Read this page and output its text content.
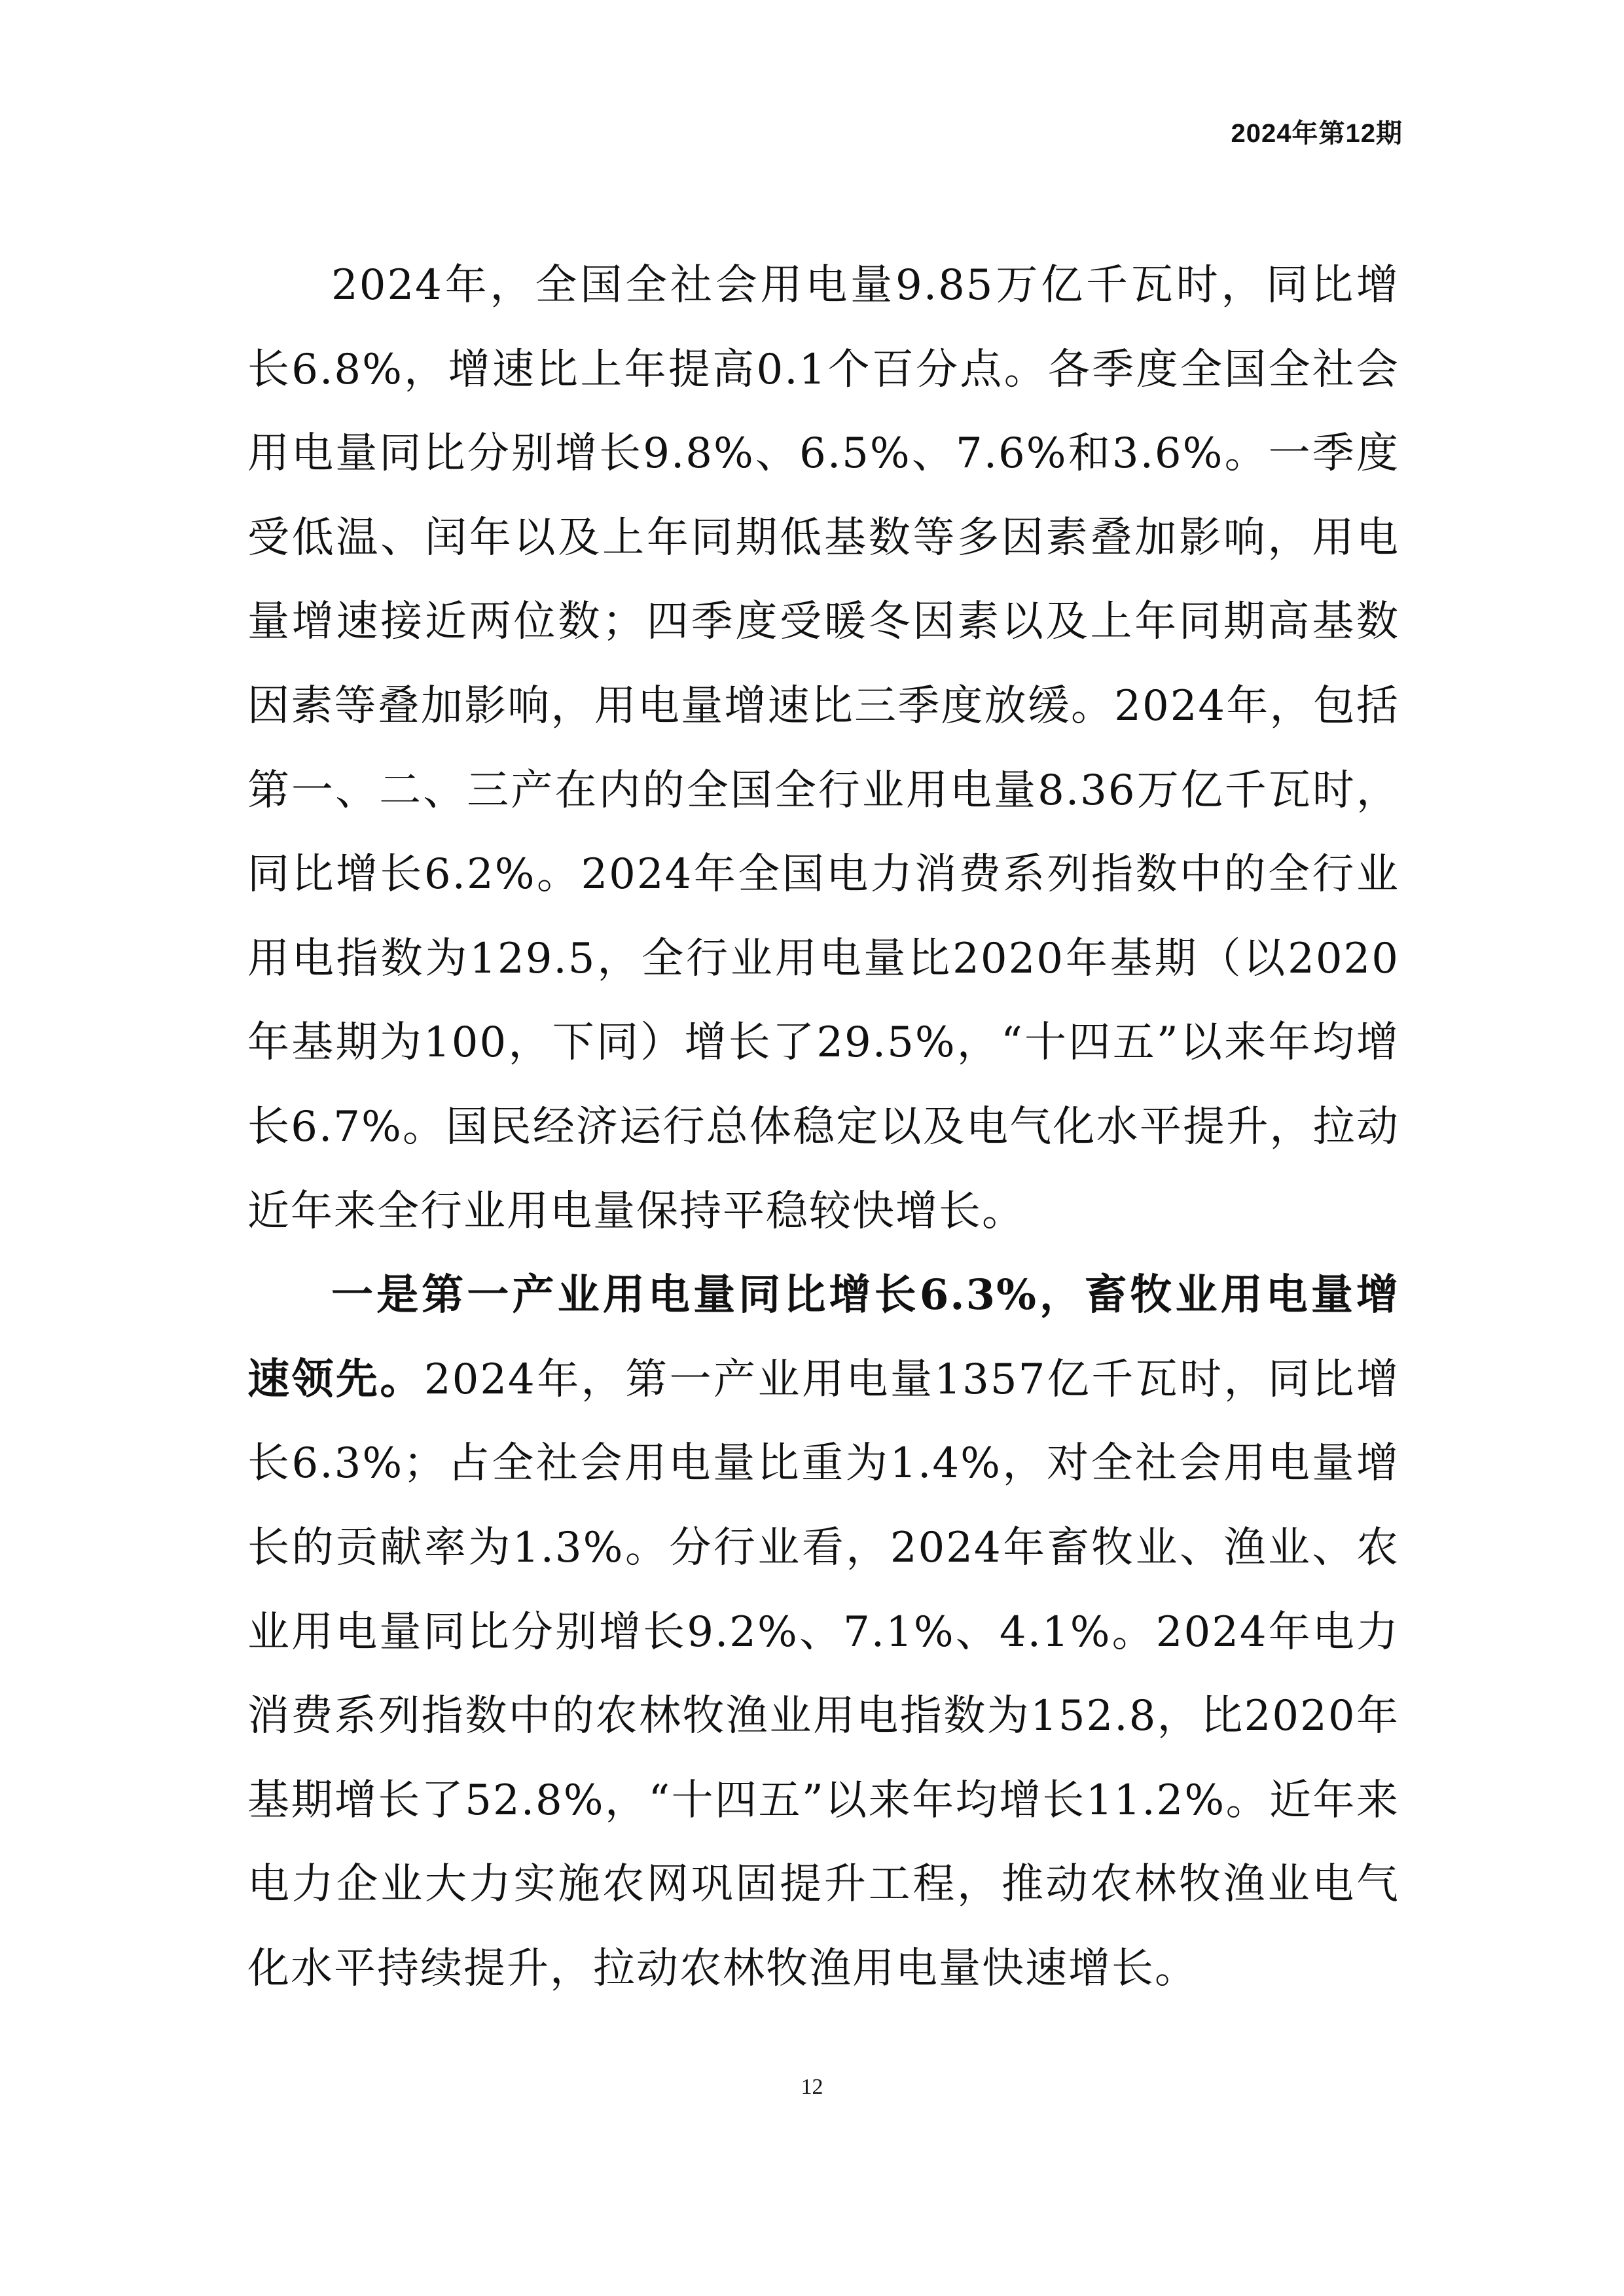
2024年第12期

2024年，全国全社会用电量9.85万亿千瓦时，同比增长6.8%，增速比上年提高0.1个百分点。各季度全国全社会用电量同比分别增长9.8%、6.5%、7.6%和3.6%。一季度受低温、闰年以及上年同期低基数等多因素叠加影响，用电量增速接近两位数；四季度受暖冬因素以及上年同期高基数因素等叠加影响，用电量增速比三季度放缓。2024年，包括第一、二、三产在内的全国全行业用电量8.36万亿千瓦时，同比增长6.2%。2024年全国电力消费系列指数中的全行业用电指数为129.5，全行业用电量比2020年基期（以2020年基期为100，下同）增长了29.5%，“十四五”以来年均增长6.7%。国民经济运行总体稳定以及电气化水平提升，拉动近年来全行业用电量保持平稳较快增长。

一是第一产业用电量同比增长6.3%，畜牧业用电量增速领先。2024年，第一产业用电量1357亿千瓦时，同比增长6.3%；占全社会用电量比重为1.4%，对全社会用电量增长的贡献率为1.3%。分行业看，2024年畜牧业、渔业、农业用电量同比分别增长9.2%、7.1%、4.1%。2024年电力消费系列指数中的农林牧渔业用电指数为152.8，比2020年基期增长了52.8%，“十四五”以来年均增长11.2%。近年来电力企业大力实施农网巩固提升工程，推动农林牧渔业电气化水平持续提升，拉动农林牧渔用电量快速增长。

12
